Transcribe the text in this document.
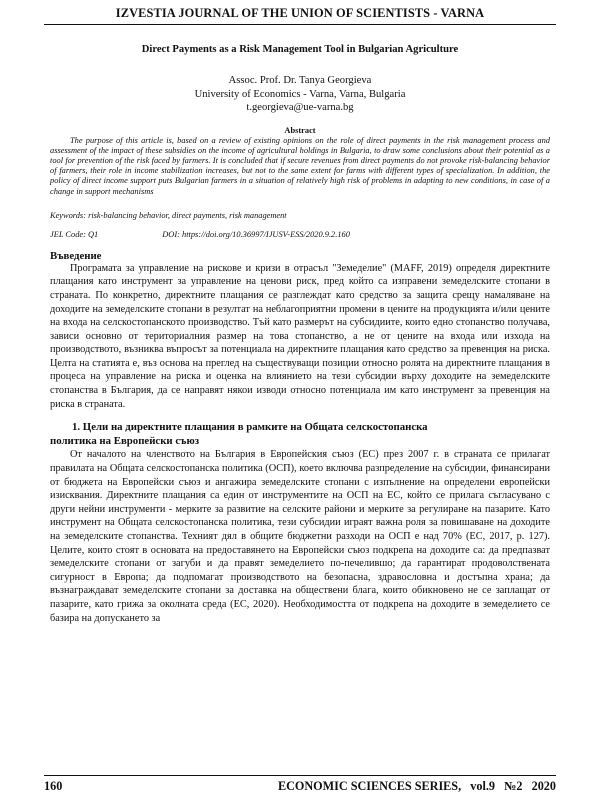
IZVESTIA JOURNAL OF THE UNION OF SCIENTISTS - VARNA
Direct Payments as a Risk Management Tool in Bulgarian Agriculture
Assoc. Prof. Dr. Tanya Georgieva
University of Economics - Varna, Varna, Bulgaria
t.georgieva@ue-varna.bg
Abstract

The purpose of this article is, based on a review of existing opinions on the role of direct payments in the risk management process and assessment of the impact of these subsidies on the income of agricultural holdings in Bulgaria, to draw some conclusions about their potential as a tool for prevention of the risk faced by farmers. It is concluded that if secure revenues from direct payments do not provoke risk-balancing behavior of farmers, their role in income stabilization increases, but not to the same extent for farms with different types of specialization. In addition, the policy of direct income support puts Bulgarian farmers in a situation of relatively high risk of problems in adapting to new conditions, in case of a change in support mechanisms

Keywords: risk-balancing behavior, direct payments, risk management
JEL Code: Q1	DOI: https://doi.org/10.36997/IJUSV-ESS/2020.9.2.160
Въведение

Програмата за управление на рискове и кризи в отрасъл "Земеделие" (MAFF, 2019) определя директните плащания като инструмент за управление на ценови риск, пред който са изправени земеделските стопани в страната. По конкретно, директните плащания се разглеждат като средство за защита срещу намаляване на доходите на земеделските стопани в резултат на неблагоприятни промени в цените на продукцията и/или цените на входа на селскостопанското производство. Тъй като размерът на субсидиите, които едно стопанство получава, зависи основно от териториалния размер на това стопанство, а не от цените на входа или изхода на производството, възниква въпросът за потенциала на директните плащания като средство за превенция на риска. Целта на статията е, въз основа на преглед на съществуващи позиции относно ролята на директните плащания в процеса на управление на риска и оценка на влиянието на тези субсидии върху доходите на земеделските стопанства в България, да се направят някои изводи относно потенциала им като инструмент за превенция на риска в страната.

1. Цели на директните плащания в рамките на Общата селскостопанска
политика на Европейски съюз

От началото на членството на България в Европейския съюз (ЕС) през 2007 г. в страната се прилагат правилата на Общата селскостопанска политика (ОСП), което включва разпределение на субсидии, финансирани от бюджета на Европейски съюз и ангажира земеделските стопани с изпълнение на определени европейски изисквания. Директните плащания са един от инструментите на ОСП на ЕС, който се прилага съгласувано с други нейни инструменти - мерките за развитие на селските райони и мерките за регулиране на пазарите. Като инструмент на Общата селскостопанска политика, тези субсидии играят важна роля за повишаване на доходите на земеделските стопанства. Техният дял в общите бюджетни разходи на ОСП е над 70% (ЕС, 2017, р. 127). Целите, които стоят в основата на предоставянето на Европейски съюз подкрепа на доходите са: да предпазват земеделските стопани от загуби и да правят земеделието по-печелившо; да гарантират продоволствената сигурност в Европа; да подпомагат производството на безопасна, здравословна и достъпна храна; да възнаграждават земеделските стопани за доставка на обществени блага, които обикновено не се заплащат от пазарите, като грижа за околната среда (ЕС, 2020). Необходимостта от подкрепа на доходите в земеделието се базира на допускането за

160	ECONOMIC SCIENCES SERIES,   vol.9   №2   2020
